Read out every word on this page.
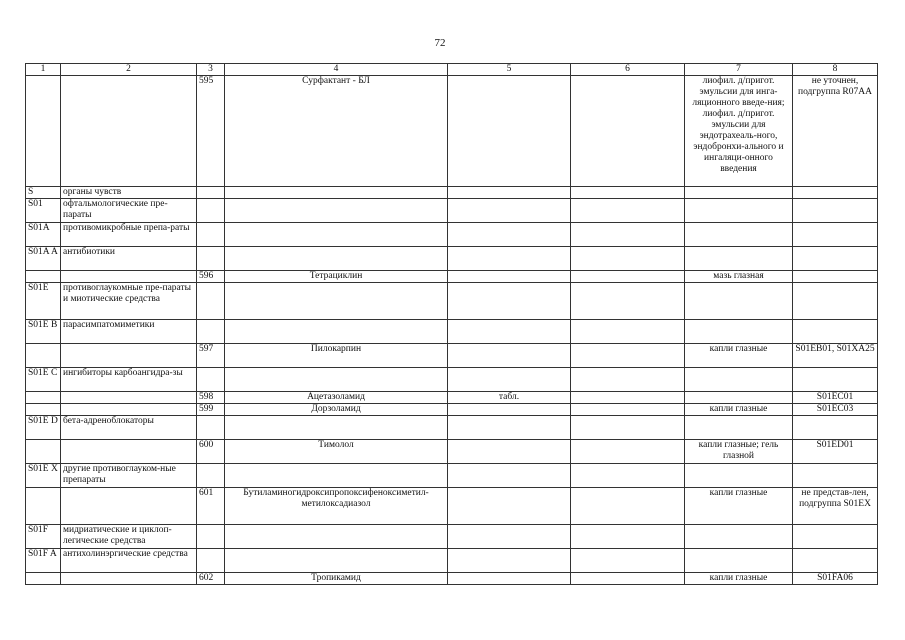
72
1	2	3	4	5	6	7	8
		595	Сурфактант - БЛ			лиофил. д/пригот. эмульсии для инга-ляционного введе-ния; лиофил. д/пригот. эмульсии для эндотрахеаль-ного, эндобронхи-ального и ингаляци-онного введения	не уточнен, подгруппа R07AA
S	органы чувств						
S01	офтальмологические пре-параты						
S01A	противомикробные препа-раты						
S01A A	антибиотики						
		596	Тетрациклин			мазь глазная	
S01E	противоглаукомные пре-параты и миотические средства						
S01E B	парасимпатомиметики						
		597	Пилокарпин			капли глазные	S01EB01, S01XA25
S01E C	ингибиторы карбоангидра-зы						
		598	Ацетазоламид	табл.			S01EC01
		599	Дорзоламид			капли глазные	S01EC03
S01E D	бета-адреноблокаторы						
		600	Тимолол			капли глазные; гель глазной	S01ED01
S01E X	другие противоглауком-ные препараты						
		601	Бутиламиногидроксипропоксифеноксиметил-метилоксадиазол			капли глазные	не представ-лен, подгруппа S01EX
S01F	мидриатические и циклоп-легические средства						
S01F A	антихолинэргические средства						
		602	Тропикамид			капли глазные	S01FA06
